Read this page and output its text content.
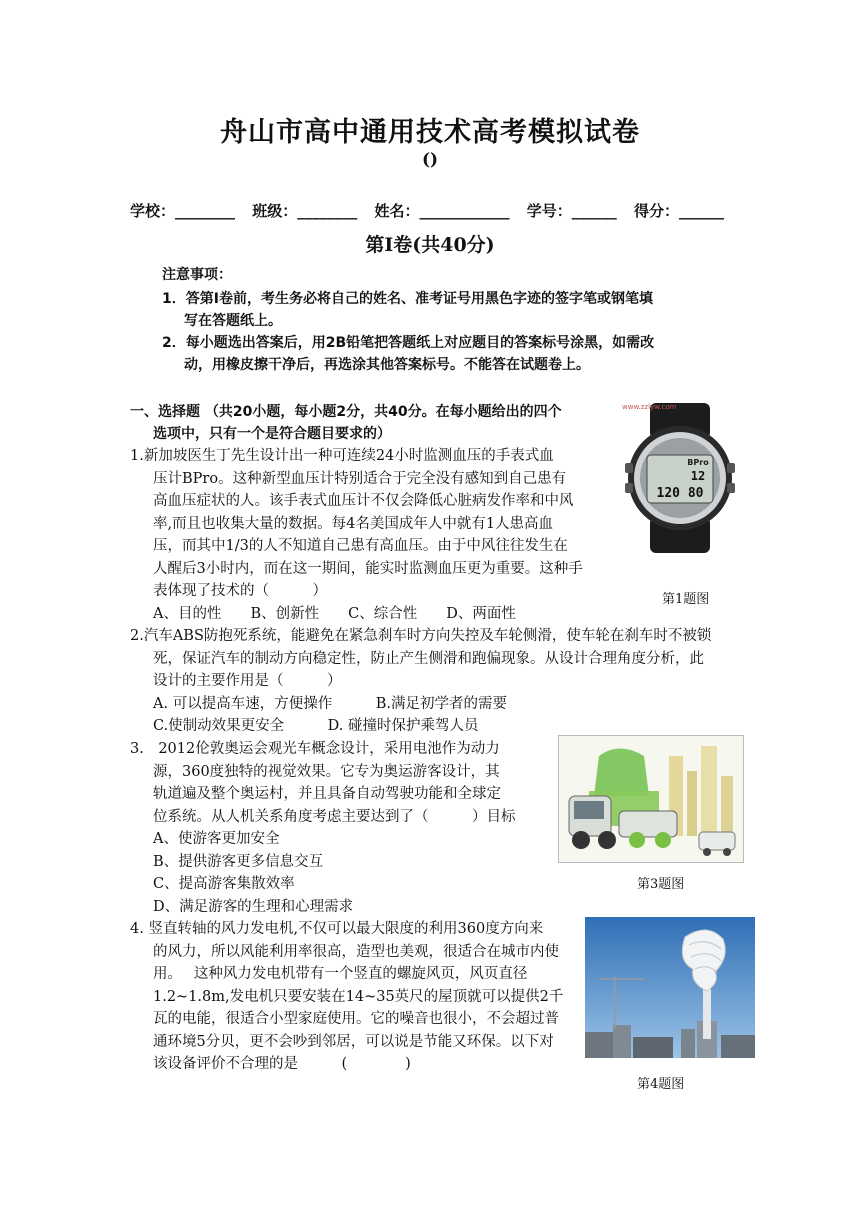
舟山市高中通用技术高考模拟试卷
()
学校：________ 班级：________ 姓名：____________ 学号：______ 得分：______
第Ⅰ卷(共40分)
注意事项：
1．答第Ⅰ卷前，考生务必将自己的姓名、准考证号用黑色字迹的签字笔或钢笔填
写在答题纸上。
2．每小题选出答案后，用2B铅笔把答题纸上对应题目的答案标号涂黑，如需改
动，用橡皮擦干净后，再选涂其他答案标号。不能答在试题卷上。
一、选择题 （共20小题，每小题2分，共40分。在每小题给出的四个
选项中，只有一个是符合题目要求的）
1.新加坡医生丁先生设计出一种可连续24小时监测血压的手表式血
压计BPro。这种新型血压计特别适合于完全没有感知到自己患有
高血压症状的人。该手表式血压计不仅会降低心脏病发作率和中风
率,而且也收集大量的数据。每4名美国成年人中就有1人患高血
压，而其中1/3的人不知道自己患有高血压。由于中风往往发生在
人醒后3小时内，而在这一期间，能实时监测血压更为重要。这种手
表体现了技术的（　　　）
A、目的性　　B、创新性　　C、综合性　　D、两面性
BPro
12
120 80
www.zzlyw.com
第1题图
2.汽车ABS防抱死系统，能避免在紧急刹车时方向失控及车轮侧滑，使车轮在刹车时不被锁
死，保证汽车的制动方向稳定性，防止产生侧滑和跑偏现象。从设计合理角度分析，此
设计的主要作用是（　　　）
A. 可以提高车速，方便操作　　　B.满足初学者的需要
C.使制动效果更安全　　　D. 碰撞时保护乘驾人员
3.　2012伦敦奥运会观光车概念设计，采用电池作为动力
源，360度独特的视觉效果。它专为奥运游客设计，其
轨道遍及整个奥运村，并且具备自动驾驶功能和全球定
位系统。从人机关系角度考虑主要达到了（　　　）目标
A、使游客更加安全
B、提供游客更多信息交互
C、提高游客集散效率
D、满足游客的生理和心理需求
第3题图
4. 竖直转轴的风力发电机,不仅可以最大限度的利用360度方向来
的风力，所以风能利用率很高，造型也美观，很适合在城市内使
用。　 这种风力发电机带有一个竖直的螺旋风页，风页直径
1.2~1.8m,发电机只要安装在14~35英尺的屋顶就可以提供2千
瓦的电能，很适合小型家庭使用。它的噪音也很小，不会超过普
通环境5分贝，更不会吵到邻居，可以说是节能又环保。以下对
该设备评价不合理的是　　　(　　　　)
第4题图
